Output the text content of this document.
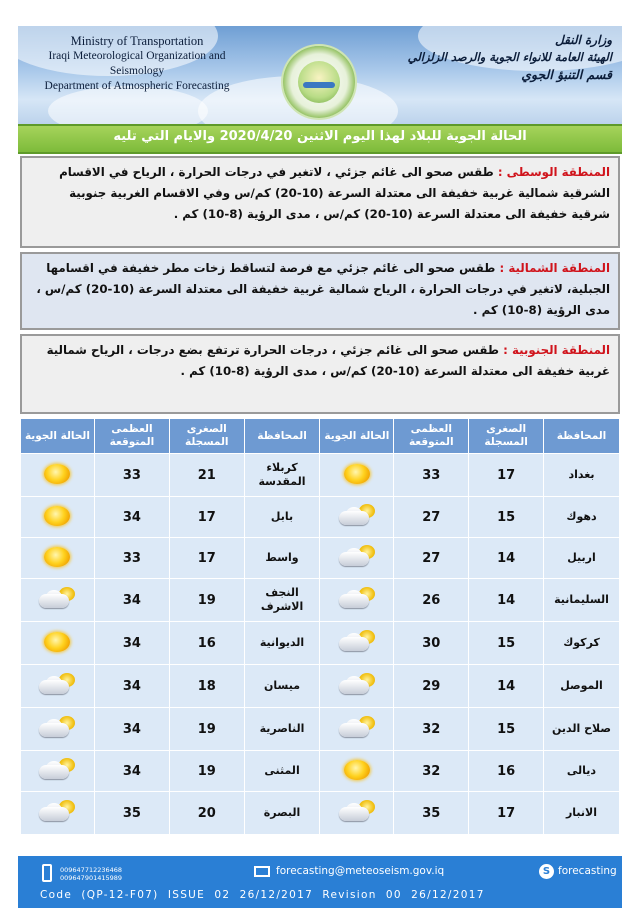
Ministry of Transportation
Iraqi Meteorological Organization and Seismology
Department of Atmospheric Forecasting
وزارة النقل
الهيئة العامة للانواء الجوية والرصد الزلزالي
قسم التنبؤ الجوي
الحالة الجوية للبلاد لهذا اليوم الاثنين 2020/4/20 والايام التي تليه
المنطقة الوسطى : طقس صحو الى غائم جزئي ، لاتغير في درجات الحرارة ، الرياح في الاقسام الشرقية شمالية غربية خفيفة الى معتدلة السرعة (10-20) كم/س وفي الاقسام الغربية جنوبية شرقية خفيفة الى معتدلة السرعة (10-20) كم/س ، مدى الرؤية (8-10) كم .
المنطقة الشمالية : طقس صحو الى غائم جزئي مع فرصة لتساقط زخات مطر خفيفة في اقسامها الجبلية، لاتغير في درجات الحرارة ، الرياح شمالية غربية خفيفة الى معتدلة السرعة (10-20) كم/س ، مدى الرؤية (8-10) كم .
المنطقة الجنوبية : طقس صحو الى غائم جزئي ، درجات الحرارة ترتفع بضع درجات ، الرياح شمالية غربية خفيفة الى معتدلة السرعة (10-20) كم/س ، مدى الرؤية (8-10) كم .
المحافظة	الصغرى المسجلة	العظمى المتوقعة	الحالة الجوية	المحافظة	الصغرى المسجلة	العظمى المتوقعة	الحالة الجوية
بغداد	17	33		كربلاء المقدسة	21	33	
دهوك	15	27		بابل	17	34	
اربيل	14	27		واسط	17	33	
السليمانية	14	26		النجف الاشرف	19	34	

كركوك	15	30		الديوانية	16	34	
الموصل	14	29		ميسان	18	34	

صلاح الدين	15	32		الناصرية	19	34	

ديالى	16	32		المثنى	19	34	

الانبار	17	35		البصرة	20	35	
009647712236468
009647901415989
forecasting@meteoseism.gov.iq	S forecasting
Code  (QP-12-F07)  ISSUE  02  26/12/2017  Revision  00  26/12/2017
